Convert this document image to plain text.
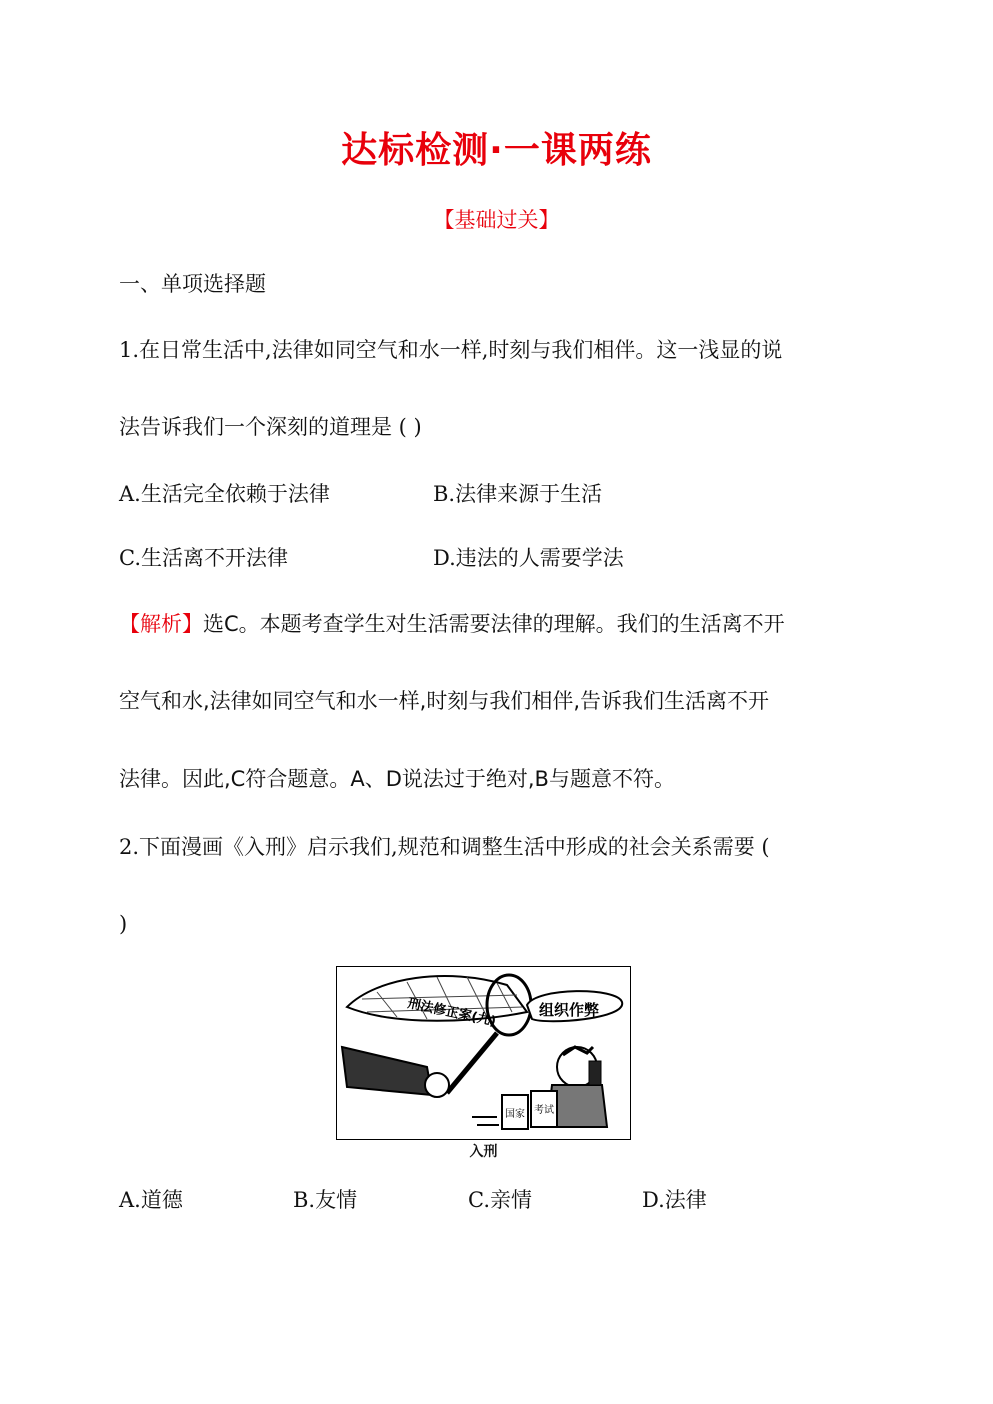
达标检测·一课两练
【基础过关】
一、单项选择题
1.在日常生活中,法律如同空气和水一样,时刻与我们相伴。这一浅显的说
法告诉我们一个深刻的道理是 ( )
A.生活完全依赖于法律	B.法律来源于生活
C.生活离不开法律	D.违法的人需要学法
【解析】选C。本题考查学生对生活需要法律的理解。我们的生活离不开
空气和水,法律如同空气和水一样,时刻与我们相伴,告诉我们生活离不开
法律。因此,C符合题意。A、D说法过于绝对,B与题意不符。
2.下面漫画《入刑》启示我们,规范和调整生活中形成的社会关系需要 (
)
刑法修正案(九)	组织作弊
国家 考试
入刑
A.道德	B.友情	C.亲情	D.法律
